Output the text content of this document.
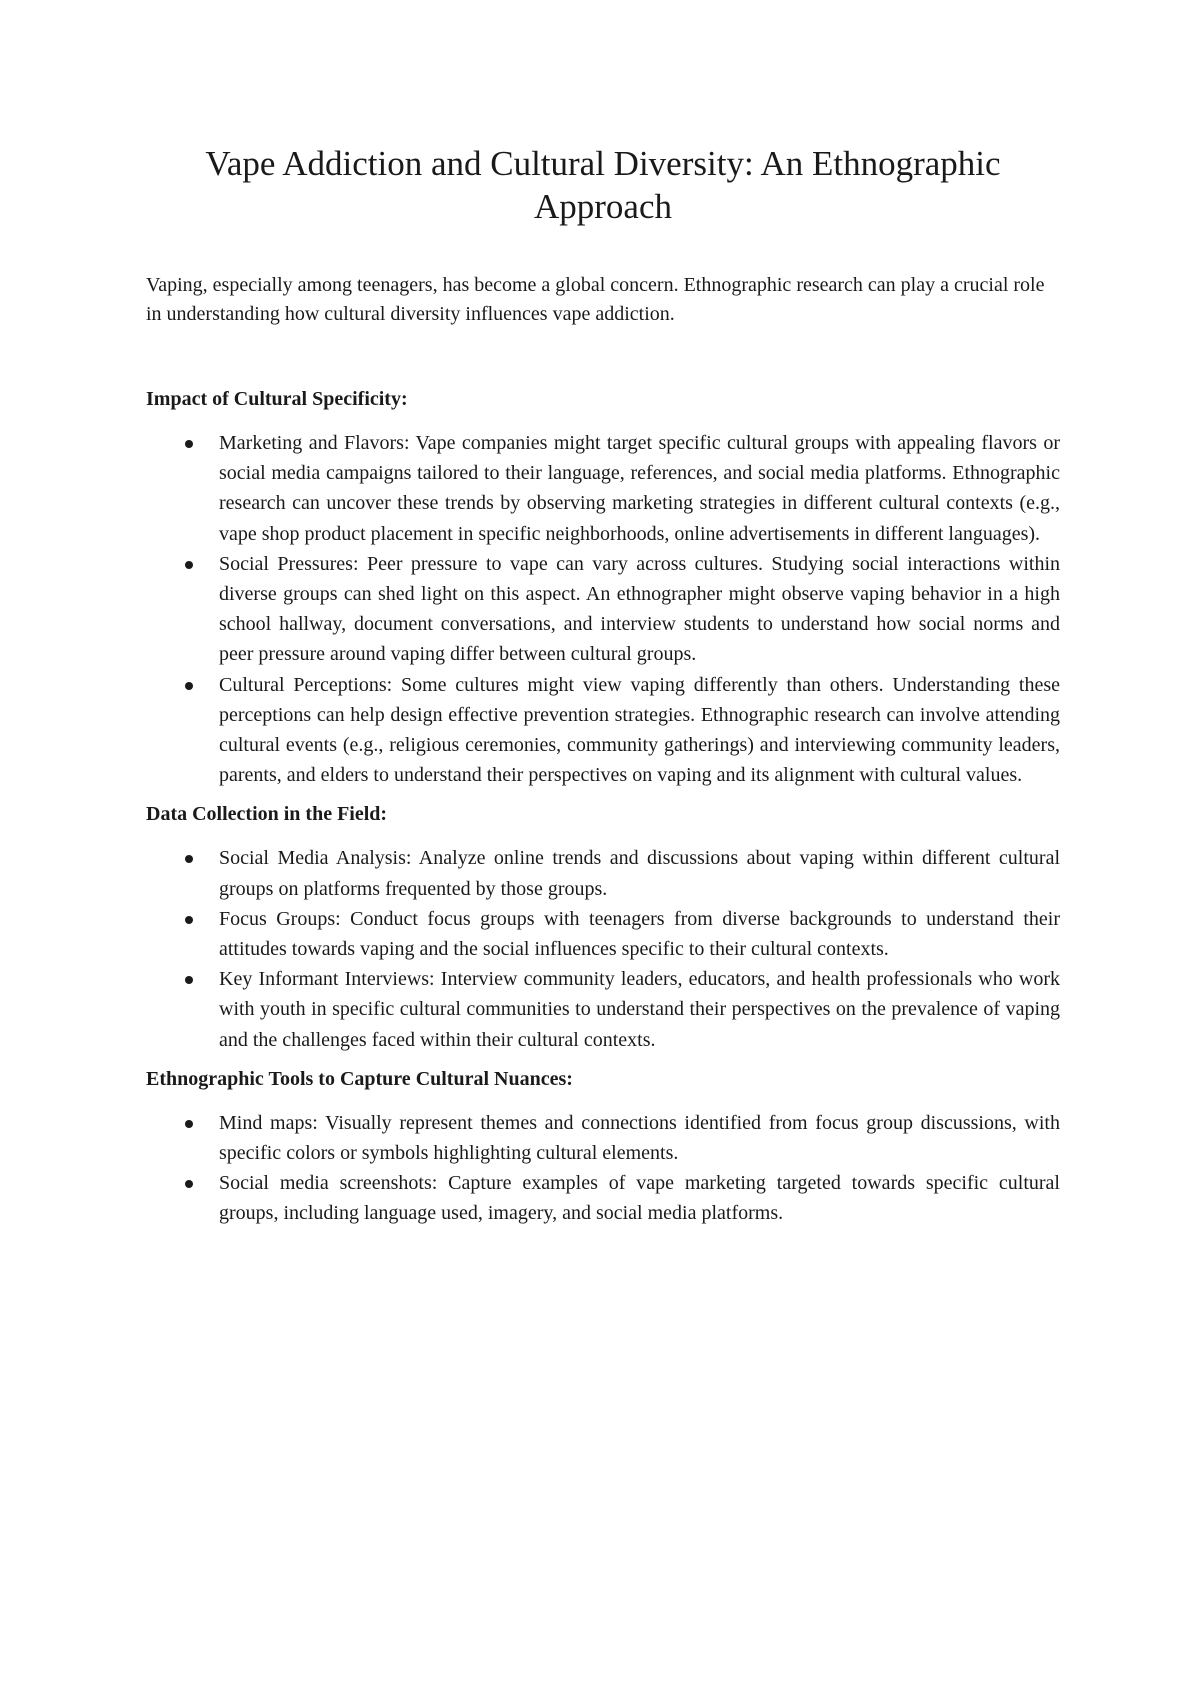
Vape Addiction and Cultural Diversity: An Ethnographic Approach

Vaping, especially among teenagers, has become a global concern. Ethnographic research can play a crucial role in understanding how cultural diversity influences vape addiction.

Impact of Cultural Specificity:

Marketing and Flavors: Vape companies might target specific cultural groups with appealing flavors or social media campaigns tailored to their language, references, and social media platforms. Ethnographic research can uncover these trends by observing marketing strategies in different cultural contexts (e.g., vape shop product placement in specific neighborhoods, online advertisements in different languages).
Social Pressures: Peer pressure to vape can vary across cultures. Studying social interactions within diverse groups can shed light on this aspect. An ethnographer might observe vaping behavior in a high school hallway, document conversations, and interview students to understand how social norms and peer pressure around vaping differ between cultural groups.
Cultural Perceptions: Some cultures might view vaping differently than others. Understanding these perceptions can help design effective prevention strategies. Ethnographic research can involve attending cultural events (e.g., religious ceremonies, community gatherings) and interviewing community leaders, parents, and elders to understand their perspectives on vaping and its alignment with cultural values.

Data Collection in the Field:

Social Media Analysis: Analyze online trends and discussions about vaping within different cultural groups on platforms frequented by those groups.
Focus Groups: Conduct focus groups with teenagers from diverse backgrounds to understand their attitudes towards vaping and the social influences specific to their cultural contexts.
Key Informant Interviews: Interview community leaders, educators, and health professionals who work with youth in specific cultural communities to understand their perspectives on the prevalence of vaping and the challenges faced within their cultural contexts.

Ethnographic Tools to Capture Cultural Nuances:

Mind maps: Visually represent themes and connections identified from focus group discussions, with specific colors or symbols highlighting cultural elements.
Social media screenshots: Capture examples of vape marketing targeted towards specific cultural groups, including language used, imagery, and social media platforms.
